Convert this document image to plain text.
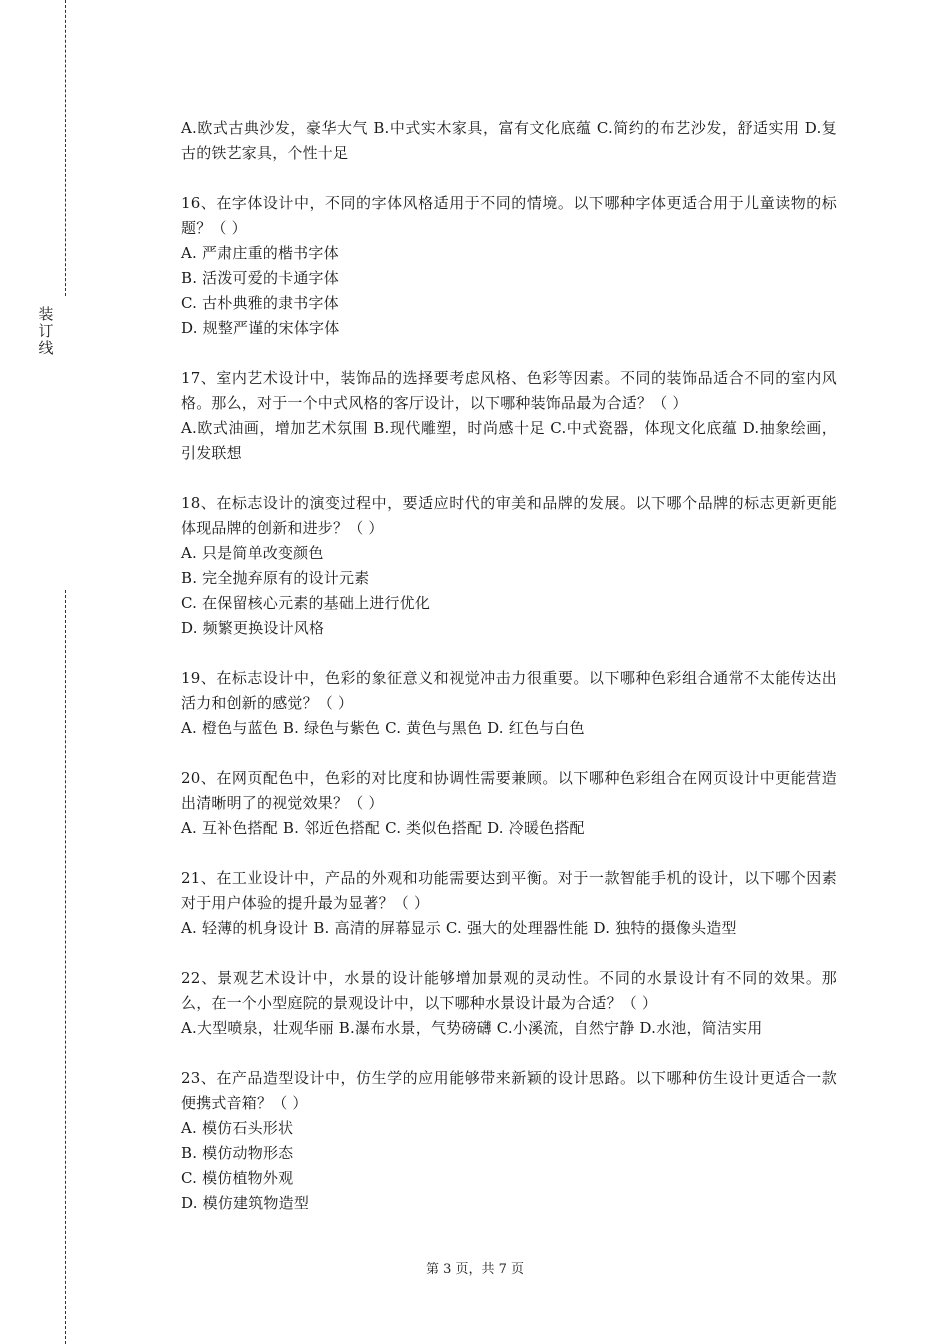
装订线

A.欧式古典沙发，豪华大气 B.中式实木家具，富有文化底蕴 C.简约的布艺沙发，舒适实用 D.复古的铁艺家具，个性十足

16、在字体设计中，不同的字体风格适用于不同的情境。以下哪种字体更适合用于儿童读物的标题？（ ）

A. 严肃庄重的楷书字体

B. 活泼可爱的卡通字体

C. 古朴典雅的隶书字体

D. 规整严谨的宋体字体

17、室内艺术设计中，装饰品的选择要考虑风格、色彩等因素。不同的装饰品适合不同的室内风格。那么，对于一个中式风格的客厅设计，以下哪种装饰品最为合适？（ ）

A.欧式油画，增加艺术氛围 B.现代雕塑，时尚感十足 C.中式瓷器，体现文化底蕴 D.抽象绘画，引发联想

18、在标志设计的演变过程中，要适应时代的审美和品牌的发展。以下哪个品牌的标志更新更能体现品牌的创新和进步？（ ）

A. 只是简单改变颜色

B. 完全抛弃原有的设计元素

C. 在保留核心元素的基础上进行优化

D. 频繁更换设计风格

19、在标志设计中，色彩的象征意义和视觉冲击力很重要。以下哪种色彩组合通常不太能传达出活力和创新的感觉？（ ）

A. 橙色与蓝色 B. 绿色与紫色 C. 黄色与黑色 D. 红色与白色

20、在网页配色中，色彩的对比度和协调性需要兼顾。以下哪种色彩组合在网页设计中更能营造出清晰明了的视觉效果？（ ）

A. 互补色搭配 B. 邻近色搭配 C. 类似色搭配 D. 冷暖色搭配

21、在工业设计中，产品的外观和功能需要达到平衡。对于一款智能手机的设计，以下哪个因素对于用户体验的提升最为显著？（ ）

A. 轻薄的机身设计 B. 高清的屏幕显示 C. 强大的处理器性能 D. 独特的摄像头造型

22、景观艺术设计中，水景的设计能够增加景观的灵动性。不同的水景设计有不同的效果。那么，在一个小型庭院的景观设计中，以下哪种水景设计最为合适？（ ）

A.大型喷泉，壮观华丽 B.瀑布水景，气势磅礴 C.小溪流，自然宁静 D.水池，简洁实用

23、在产品造型设计中，仿生学的应用能够带来新颖的设计思路。以下哪种仿生设计更适合一款便携式音箱？（ ）

A. 模仿石头形状

B. 模仿动物形态

C. 模仿植物外观

D. 模仿建筑物造型

第 3 页，共 7 页
